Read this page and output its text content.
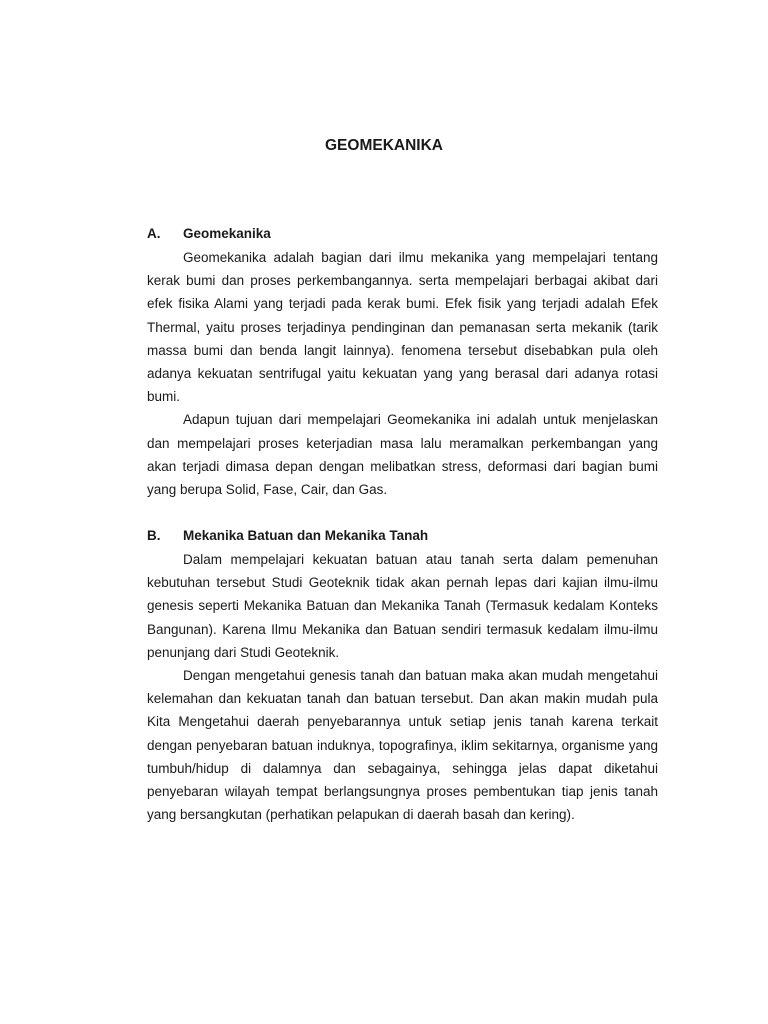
GEOMEKANIKA
A. Geomekanika

Geomekanika adalah bagian dari ilmu mekanika yang mempelajari tentang kerak bumi dan proses perkembangannya. serta mempelajari berbagai akibat dari efek fisika Alami yang terjadi pada kerak bumi. Efek fisik yang terjadi adalah Efek Thermal, yaitu proses terjadinya pendinginan dan pemanasan serta mekanik (tarik massa bumi dan benda langit lainnya). fenomena tersebut disebabkan pula oleh adanya kekuatan sentrifugal yaitu kekuatan yang yang berasal dari adanya rotasi bumi.

Adapun tujuan dari mempelajari Geomekanika ini adalah untuk menjelaskan dan mempelajari proses keterjadian masa lalu meramalkan perkembangan yang akan terjadi dimasa depan dengan melibatkan stress, deformasi dari bagian bumi yang berupa Solid, Fase, Cair, dan Gas.

B. Mekanika Batuan dan Mekanika Tanah

Dalam mempelajari kekuatan batuan atau tanah serta dalam pemenuhan kebutuhan tersebut Studi Geoteknik tidak akan pernah lepas dari kajian ilmu-ilmu genesis seperti Mekanika Batuan dan Mekanika Tanah (Termasuk kedalam Konteks Bangunan). Karena Ilmu Mekanika dan Batuan sendiri termasuk kedalam ilmu-ilmu penunjang dari Studi Geoteknik.

Dengan mengetahui genesis tanah dan batuan maka akan mudah mengetahui kelemahan dan kekuatan tanah dan batuan tersebut. Dan akan makin mudah pula Kita Mengetahui daerah penyebarannya untuk setiap jenis tanah karena terkait dengan penyebaran batuan induknya, topografinya, iklim sekitarnya, organisme yang tumbuh/hidup di dalamnya dan sebagainya, sehingga jelas dapat diketahui penyebaran wilayah tempat berlangsungnya proses pembentukan tiap jenis tanah yang bersangkutan (perhatikan pelapukan di daerah basah dan kering).
